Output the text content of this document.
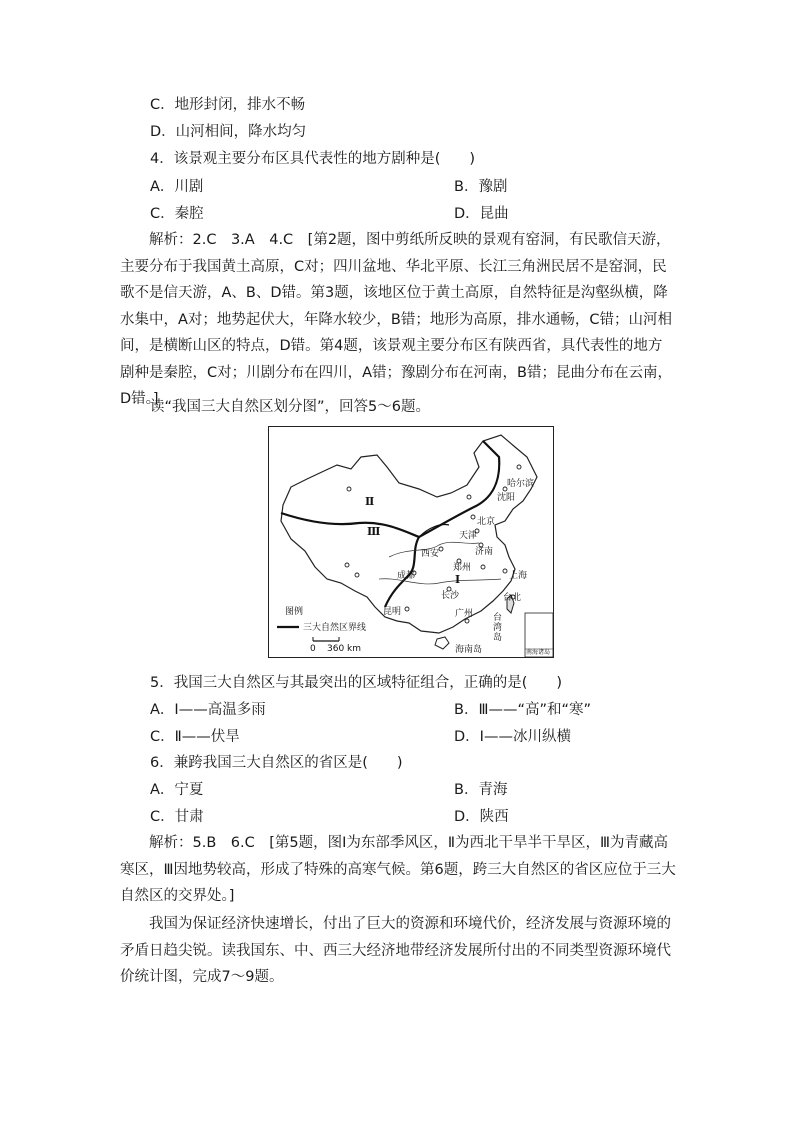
C．地形封闭，排水不畅
D．山河相间，降水均匀
4．该景观主要分布区具代表性的地方剧种是(　　)
A．川剧	B．豫剧
C．秦腔	D．昆曲
解析：2.C　3.A　4.C　[第2题，图中剪纸所反映的景观有窑洞，有民歌信天游，主要分布于我国黄土高原，C对；四川盆地、华北平原、长江三角洲民居不是窑洞，民歌不是信天游，A、B、D错。第3题，该地区位于黄土高原，自然特征是沟壑纵横，降水集中，A对；地势起伏大，年降水较少，B错；地形为高原，排水通畅，C错；山河相间，是横断山区的特点，D错。第4题，该景观主要分布区有陕西省，具代表性的地方剧种是秦腔，C对；川剧分布在四川，A错；豫剧分布在河南，B错；昆曲分布在云南，D错。]
读“我国三大自然区划分图”，回答5～6题。
哈尔滨
沈阳
北京
天津
济南
西安
郑州
成都	上海
长沙
昆明
台北
广州 台湾岛
海南岛	南海诸岛
Ⅱ
Ⅲ
Ⅰ
图例
三大自然区界线
0 360 km
5．我国三大自然区与其最突出的区域特征组合，正确的是(　　)
A．Ⅰ——高温多雨	B．Ⅲ——“高”和“寒”
C．Ⅱ——伏旱	D．Ⅰ——冰川纵横
6．兼跨我国三大自然区的省区是(　　)
A．宁夏	B．青海
C．甘肃	D．陕西
解析：5.B　6.C　[第5题，图Ⅰ为东部季风区，Ⅱ为西北干旱半干旱区，Ⅲ为青藏高寒区，Ⅲ因地势较高，形成了特殊的高寒气候。第6题，跨三大自然区的省区应位于三大自然区的交界处。]
我国为保证经济快速增长，付出了巨大的资源和环境代价，经济发展与资源环境的矛盾日趋尖锐。读我国东、中、西三大经济地带经济发展所付出的不同类型资源环境代价统计图，完成7～9题。
